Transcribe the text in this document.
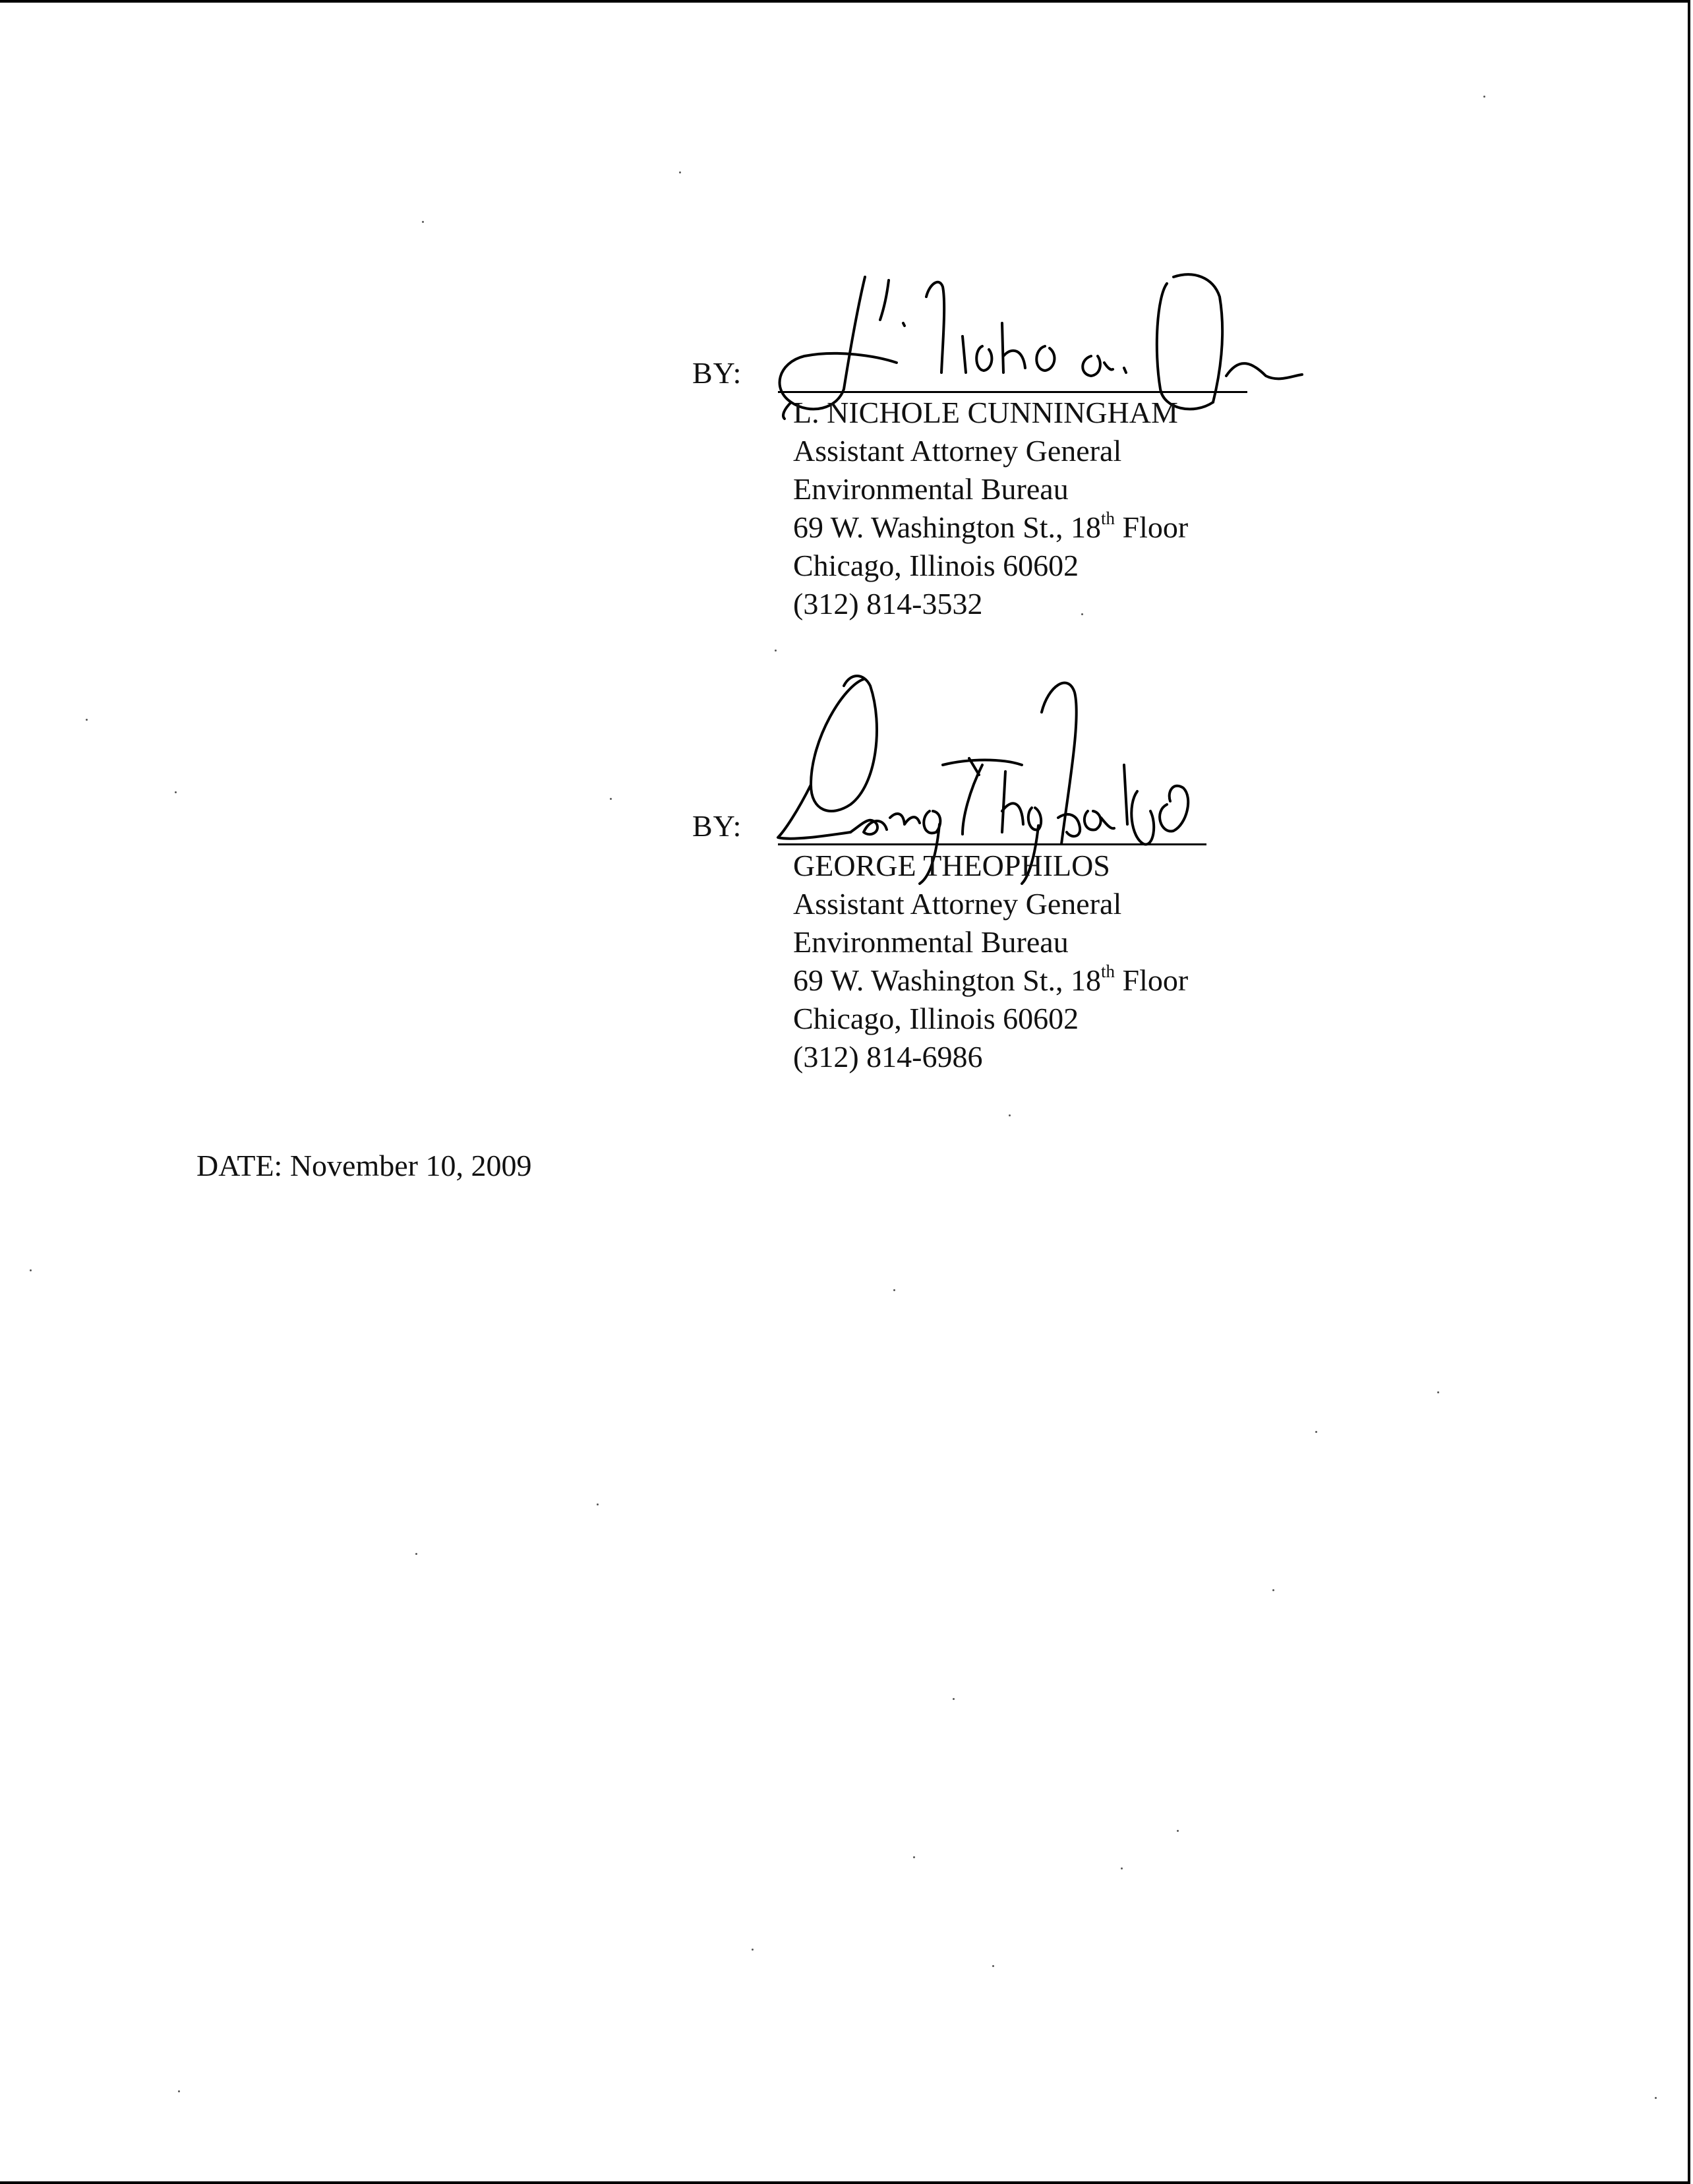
BY:
L. NICHOLE CUNNINGHAM
Assistant Attorney General
Environmental Bureau
69 W. Washington St., 18th Floor
Chicago, Illinois 60602
(312) 814-3532
BY:
GEORGE THEOPHILOS
Assistant Attorney General
Environmental Bureau
69 W. Washington St., 18th Floor
Chicago, Illinois 60602
(312) 814-6986
DATE: November 10, 2009
